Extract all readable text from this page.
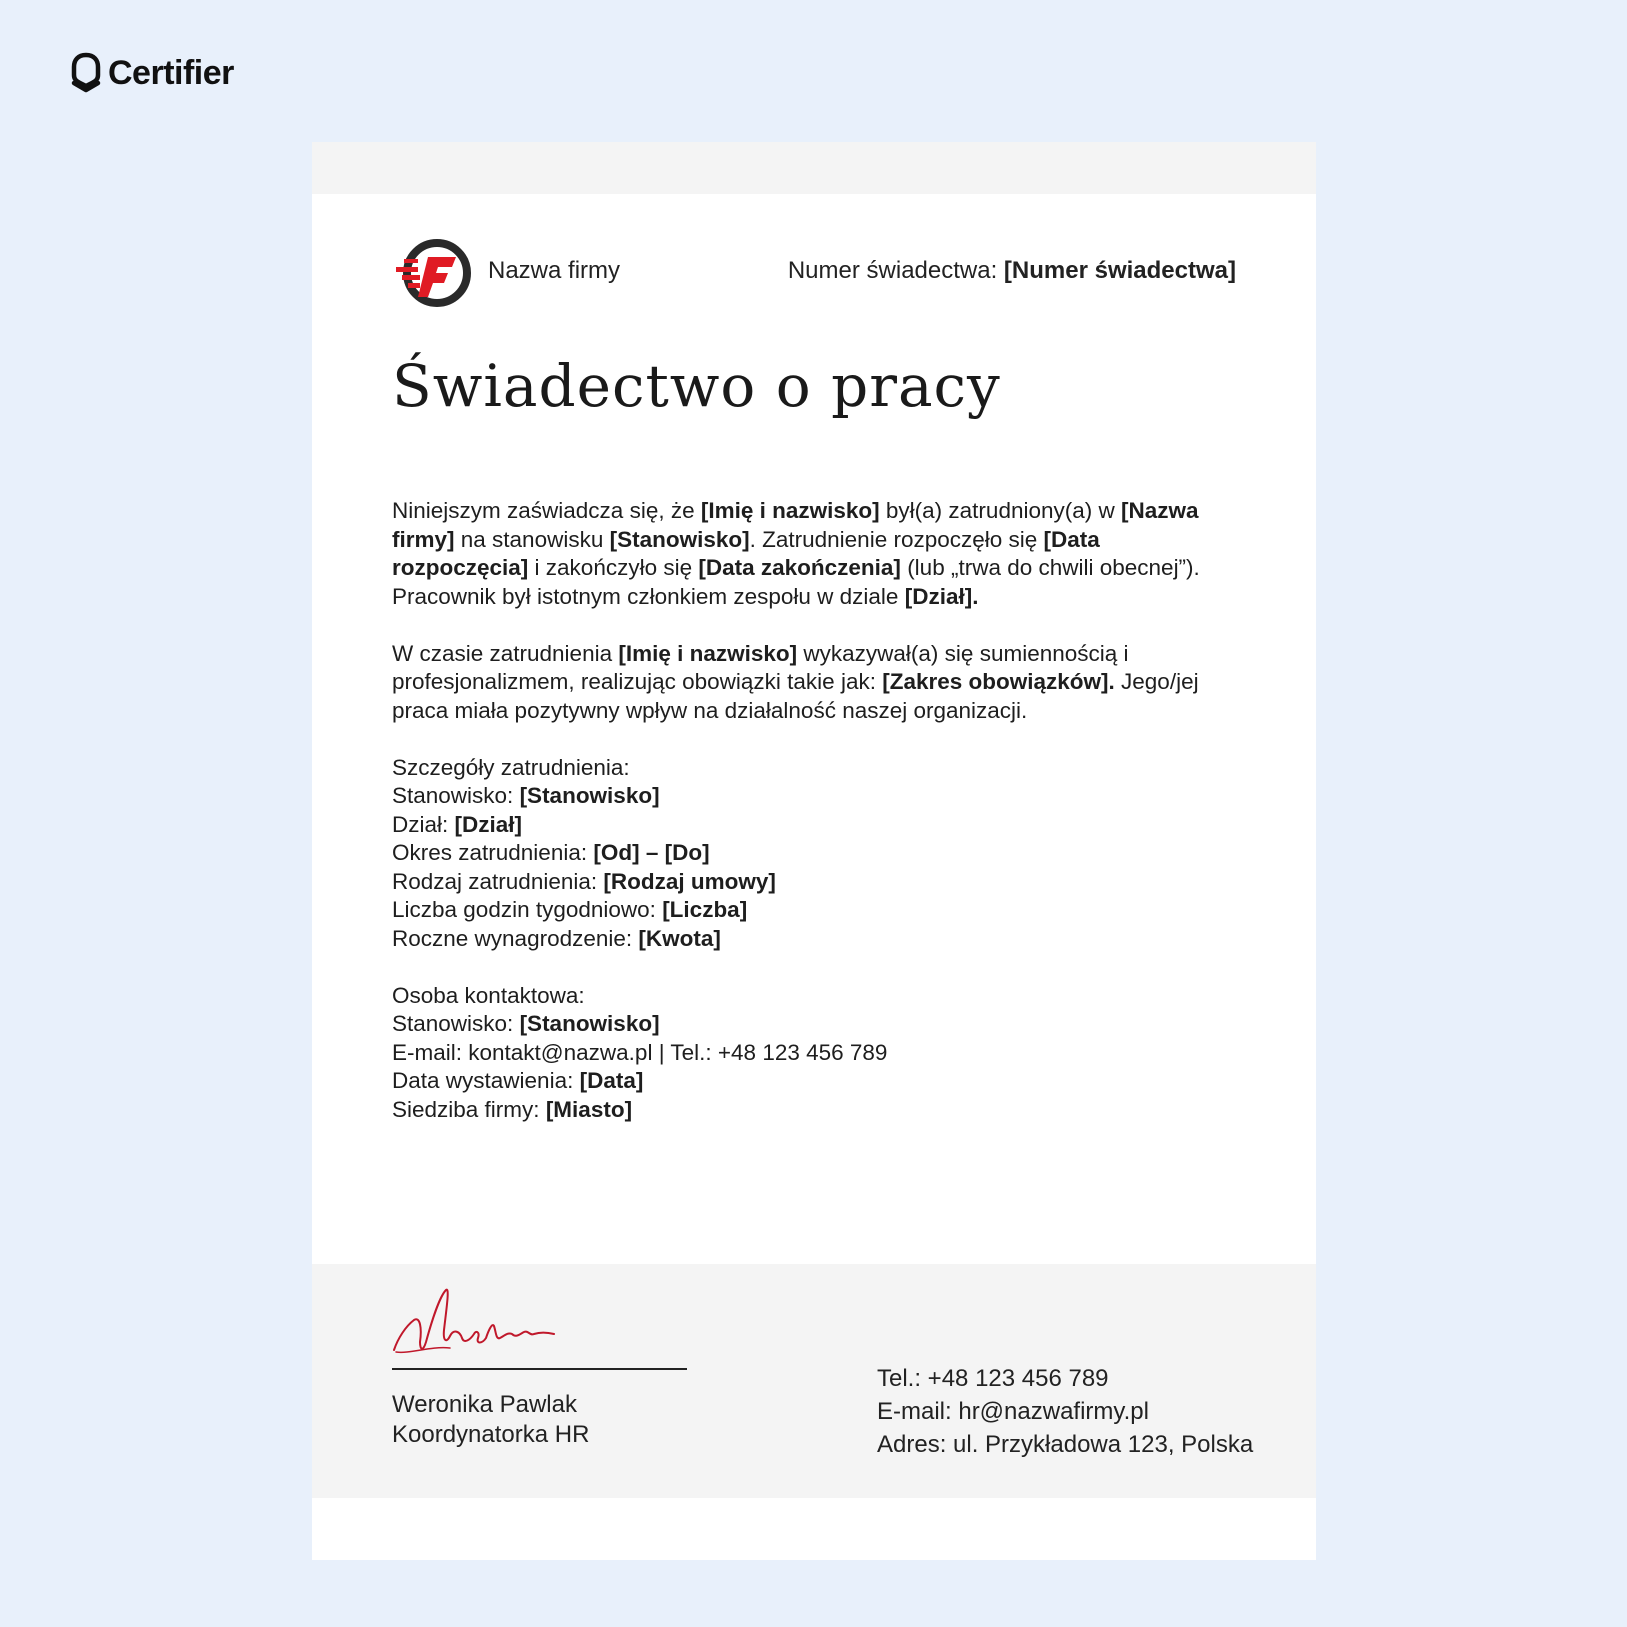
Certifier
Nazwa firmy	Numer świadectwa: [Numer świadectwa]
Świadectwo o pracy

Niniejszym zaświadcza się, że [Imię i nazwisko] był(a) zatrudniony(a) w [Nazwa firmy] na stanowisku [Stanowisko]. Zatrudnienie rozpoczęło się [Data rozpoczęcia] i zakończyło się [Data zakończenia] (lub „trwa do chwili obecnej”). Pracownik był istotnym członkiem zespołu w dziale [Dział].

W czasie zatrudnienia [Imię i nazwisko] wykazywał(a) się sumiennością i profesjonalizmem, realizując obowiązki takie jak: [Zakres obowiązków]. Jego/jej praca miała pozytywny wpływ na działalność naszej organizacji.

Szczegóły zatrudnienia:
Stanowisko: [Stanowisko]
Dział: [Dział]
Okres zatrudnienia: [Od] – [Do]
Rodzaj zatrudnienia: [Rodzaj umowy]
Liczba godzin tygodniowo: [Liczba]
Roczne wynagrodzenie: [Kwota]

Osoba kontaktowa:
Stanowisko: [Stanowisko]
E-mail: kontakt@nazwa.pl | Tel.: +48 123 456 789
Data wystawienia: [Data]
Siedziba firmy: [Miasto]

Weronika Pawlak
Koordynatorka HR
Tel.: +48 123 456 789
E-mail: hr@nazwafirmy.pl
Adres: ul. Przykładowa 123, Polska
